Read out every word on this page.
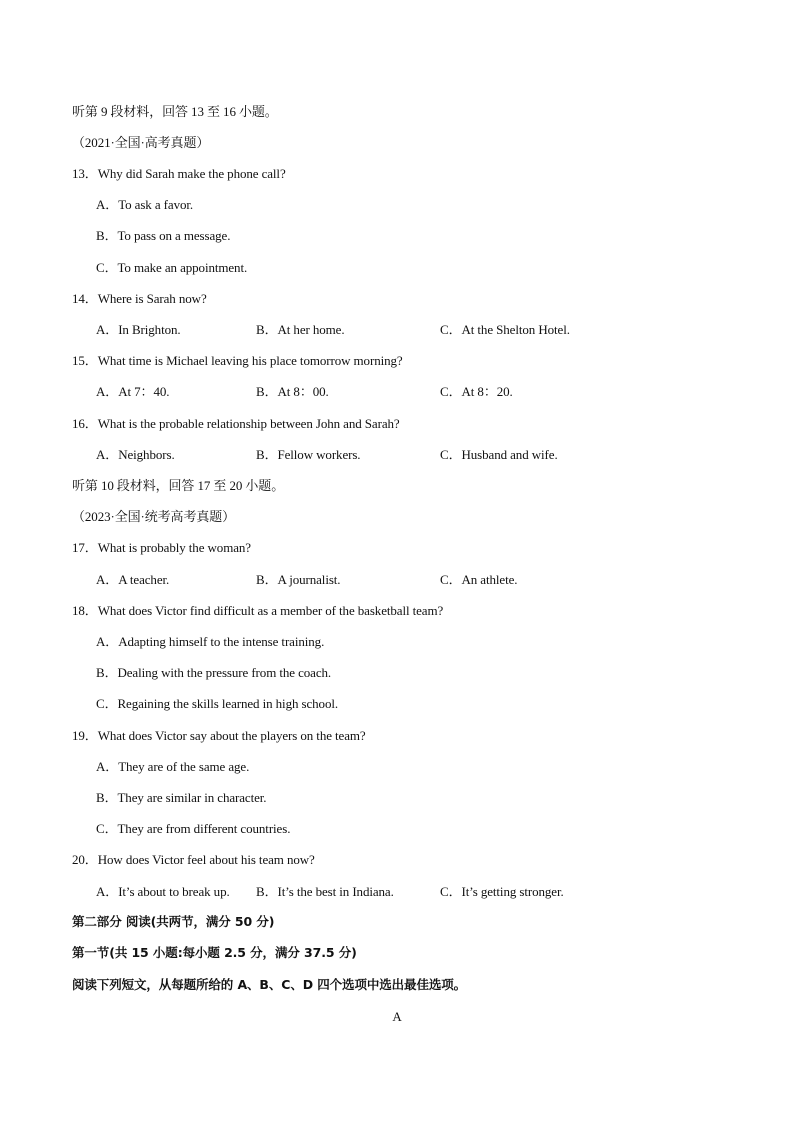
听第 9 段材料，回答 13 至 16 小题。
（2021·全国·高考真题）
13．Why did Sarah make the phone call?
A．To ask a favor.
B．To pass on a message.
C．To make an appointment.
14．Where is Sarah now?
A．In Brighton.	B．At her home.	C．At the Shelton Hotel.
15．What time is Michael leaving his place tomorrow morning?
A．At 7：40.	B．At 8：00.	C．At 8：20.
16．What is the probable relationship between John and Sarah?
A．Neighbors.	B．Fellow workers.	C．Husband and wife.
听第 10 段材料，回答 17 至 20 小题。
（2023·全国·统考高考真题）
17．What is probably the woman?
A．A teacher.	B．A journalist.	C．An athlete.
18．What does Victor find difficult as a member of the basketball team?
A．Adapting himself to the intense training.
B．Dealing with the pressure from the coach.
C．Regaining the skills learned in high school.
19．What does Victor say about the players on the team?
A．They are of the same age.
B．They are similar in character.
C．They are from different countries.
20．How does Victor feel about his team now?
A．It’s about to break up. B．It’s the best in Indiana.	C．It’s getting stronger.
第二部分 阅读(共两节，满分 50 分)
第一节(共 15 小题:每小题 2.5 分，满分 37.5 分)
阅读下列短文，从每题所给的 A、B、C、D 四个选项中选出最佳选项。
A
